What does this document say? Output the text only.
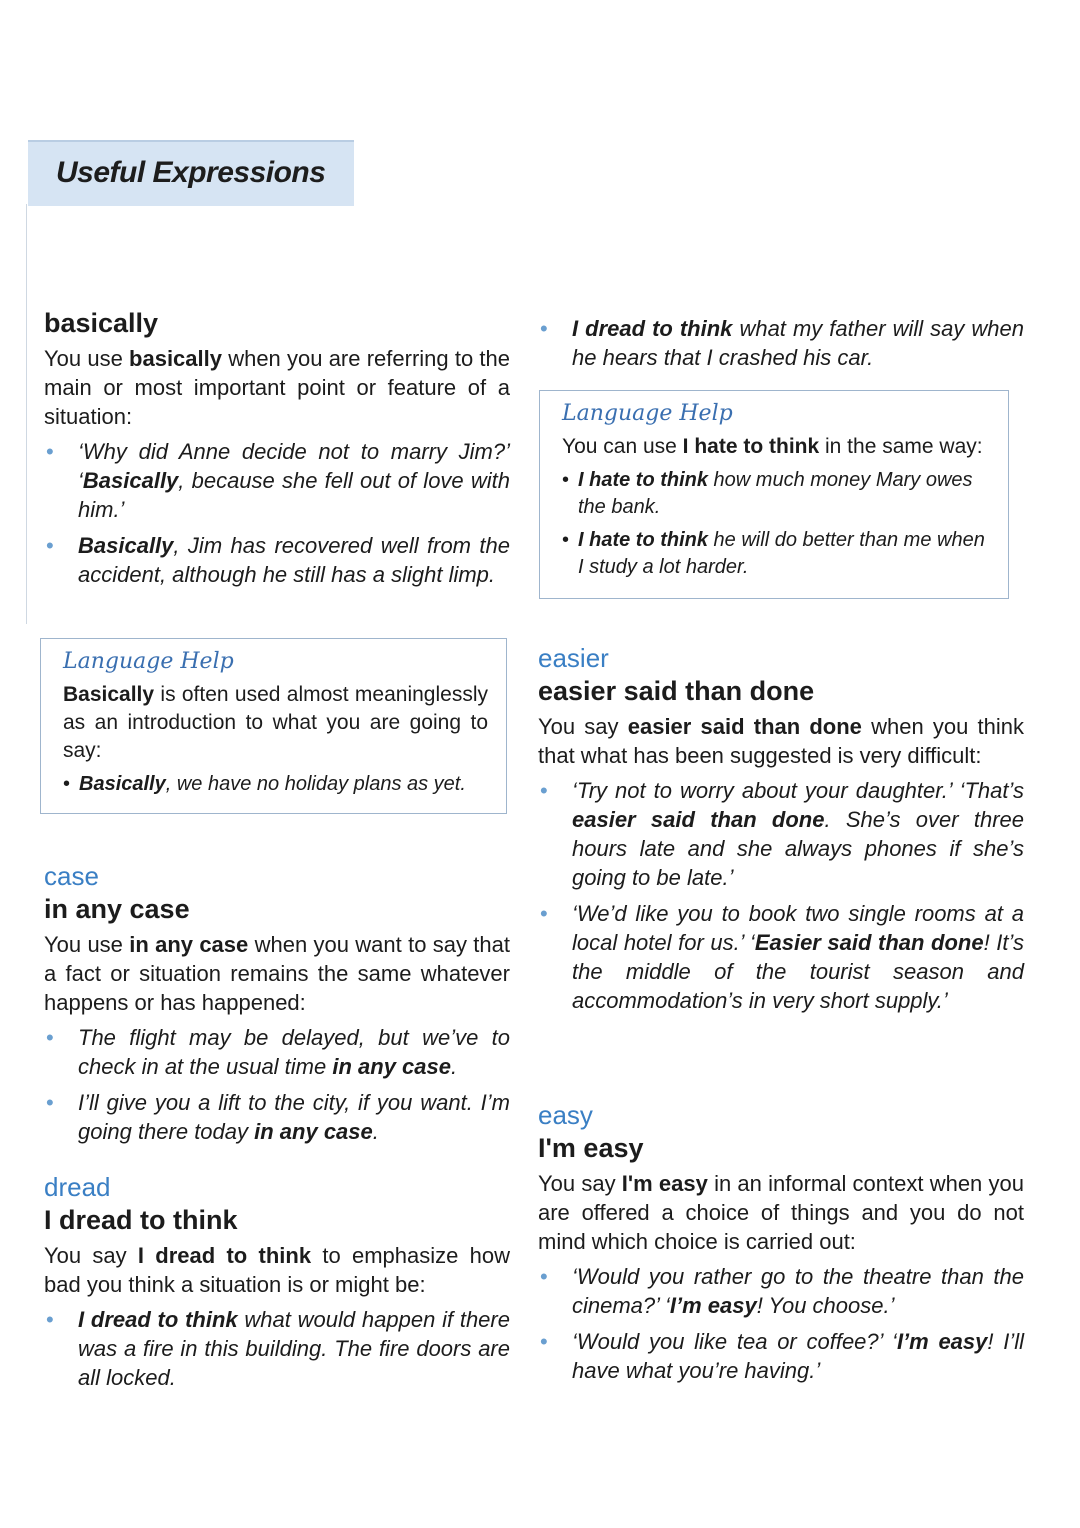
Useful Expressions

basically

You use basically when you are referring to the main or most important point or feature of a situation:

• ‘Why did Anne decide not to marry Jim?’ ‘Basically, because she fell out of love with him.’
• Basically, Jim has recovered well from the accident, although he still has a slight limp.

Language Help

Basically is often used almost meaninglessly as an introduction to what you are going to say:

• Basically, we have no holiday plans as yet.

case

in any case

You use in any case when you want to say that a fact or situation remains the same whatever happens or has happened:

• The flight may be delayed, but we’ve to check in at the usual time in any case.
• I’ll give you a lift to the city, if you want. I’m going there today in any case.

dread

I dread to think

You say I dread to think to emphasize how bad you think a situation is or might be:

• I dread to think what would happen if there was a fire in this building. The fire doors are all locked.
• I dread to think what my father will say when he hears that I crashed his car.

Language Help

You can use I hate to think in the same way:

• I hate to think how much money Mary owes the bank.
• I hate to think he will do better than me when I study a lot harder.

easier

easier said than done

You say easier said than done when you think that what has been suggested is very difficult:

• ‘Try not to worry about your daughter.’ ‘That’s easier said than done. She’s over three hours late and she always phones if she’s going to be late.’
• ‘We’d like you to book two single rooms at a local hotel for us.’ ‘Easier said than done! It’s the middle of the tourist season and accommodation’s in very short supply.’

easy

I'm easy

You say I'm easy in an informal context when you are offered a choice of things and you do not mind which choice is carried out:

• ‘Would you rather go to the theatre than the cinema?’ ‘I’m easy! You choose.’
• ‘Would you like tea or coffee?’ ‘I’m easy! I’ll have what you’re having.’
